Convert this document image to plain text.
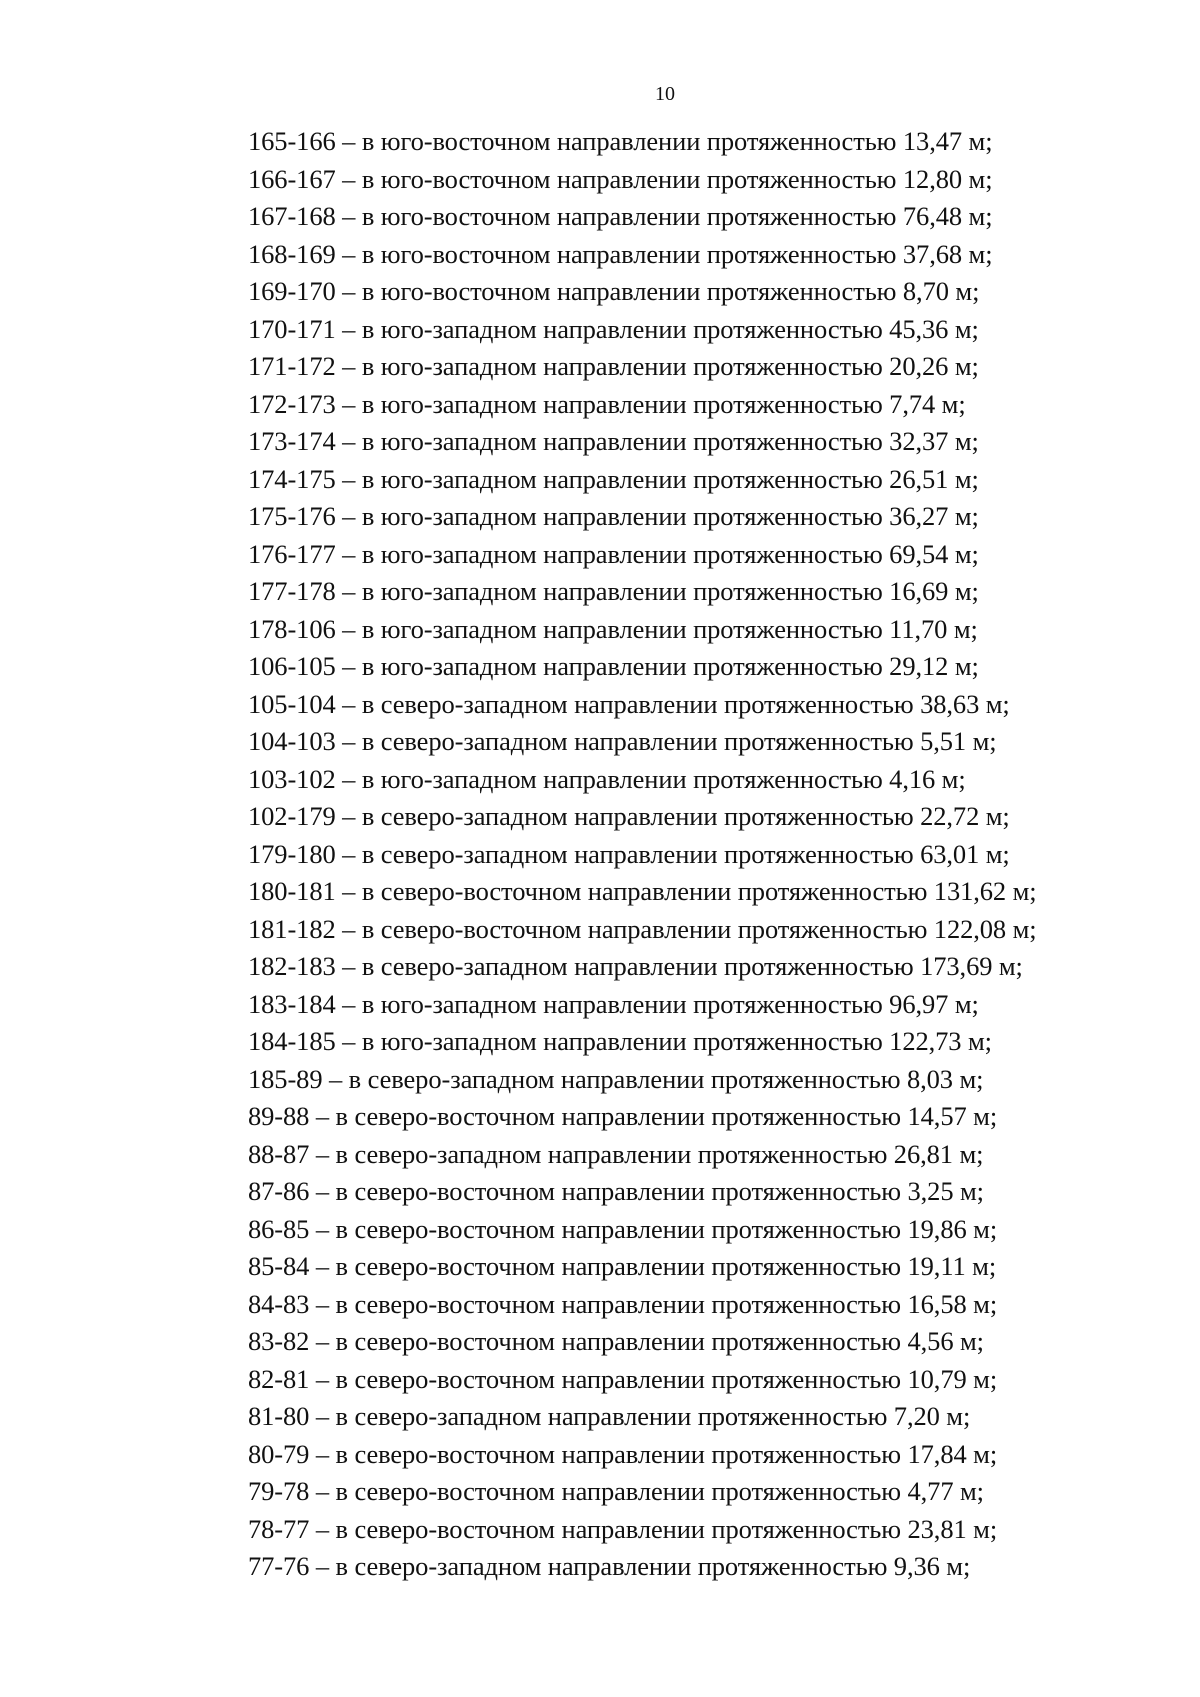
10
165-166 – в юго-восточном направлении протяженностью 13,47 м;
166-167 – в юго-восточном направлении протяженностью 12,80 м;
167-168 – в юго-восточном направлении протяженностью 76,48 м;
168-169 – в юго-восточном направлении протяженностью 37,68 м;
169-170 – в юго-восточном направлении протяженностью 8,70 м;
170-171 – в юго-западном направлении протяженностью 45,36 м;
171-172 – в юго-западном направлении протяженностью 20,26 м;
172-173 – в юго-западном направлении протяженностью 7,74 м;
173-174 – в юго-западном направлении протяженностью 32,37 м;
174-175 – в юго-западном направлении протяженностью 26,51 м;
175-176 – в юго-западном направлении протяженностью 36,27 м;
176-177 – в юго-западном направлении протяженностью 69,54 м;
177-178 – в юго-западном направлении протяженностью 16,69 м;
178-106 – в юго-западном направлении протяженностью 11,70 м;
106-105 – в юго-западном направлении протяженностью 29,12 м;
105-104 – в северо-западном направлении протяженностью 38,63 м;
104-103 – в северо-западном направлении протяженностью 5,51 м;
103-102 – в юго-западном направлении протяженностью 4,16 м;
102-179 – в северо-западном направлении протяженностью 22,72 м;
179-180 – в северо-западном направлении протяженностью 63,01 м;
180-181 – в северо-восточном направлении протяженностью 131,62 м;
181-182 – в северо-восточном направлении протяженностью 122,08 м;
182-183 – в северо-западном направлении протяженностью 173,69 м;
183-184 – в юго-западном направлении протяженностью 96,97 м;
184-185 – в юго-западном направлении протяженностью 122,73 м;
185-89 – в северо-западном направлении протяженностью 8,03 м;
89-88 – в северо-восточном направлении протяженностью 14,57 м;
88-87 – в северо-западном направлении протяженностью 26,81 м;
87-86 – в северо-восточном направлении протяженностью 3,25 м;
86-85 – в северо-восточном направлении протяженностью 19,86 м;
85-84 – в северо-восточном направлении протяженностью 19,11 м;
84-83 – в северо-восточном направлении протяженностью 16,58 м;
83-82 – в северо-восточном направлении протяженностью 4,56 м;
82-81 – в северо-восточном направлении протяженностью 10,79 м;
81-80 – в северо-западном направлении протяженностью 7,20 м;
80-79 – в северо-восточном направлении протяженностью 17,84 м;
79-78 – в северо-восточном направлении протяженностью 4,77 м;
78-77 – в северо-восточном направлении протяженностью 23,81 м;
77-76 – в северо-западном направлении протяженностью 9,36 м;
